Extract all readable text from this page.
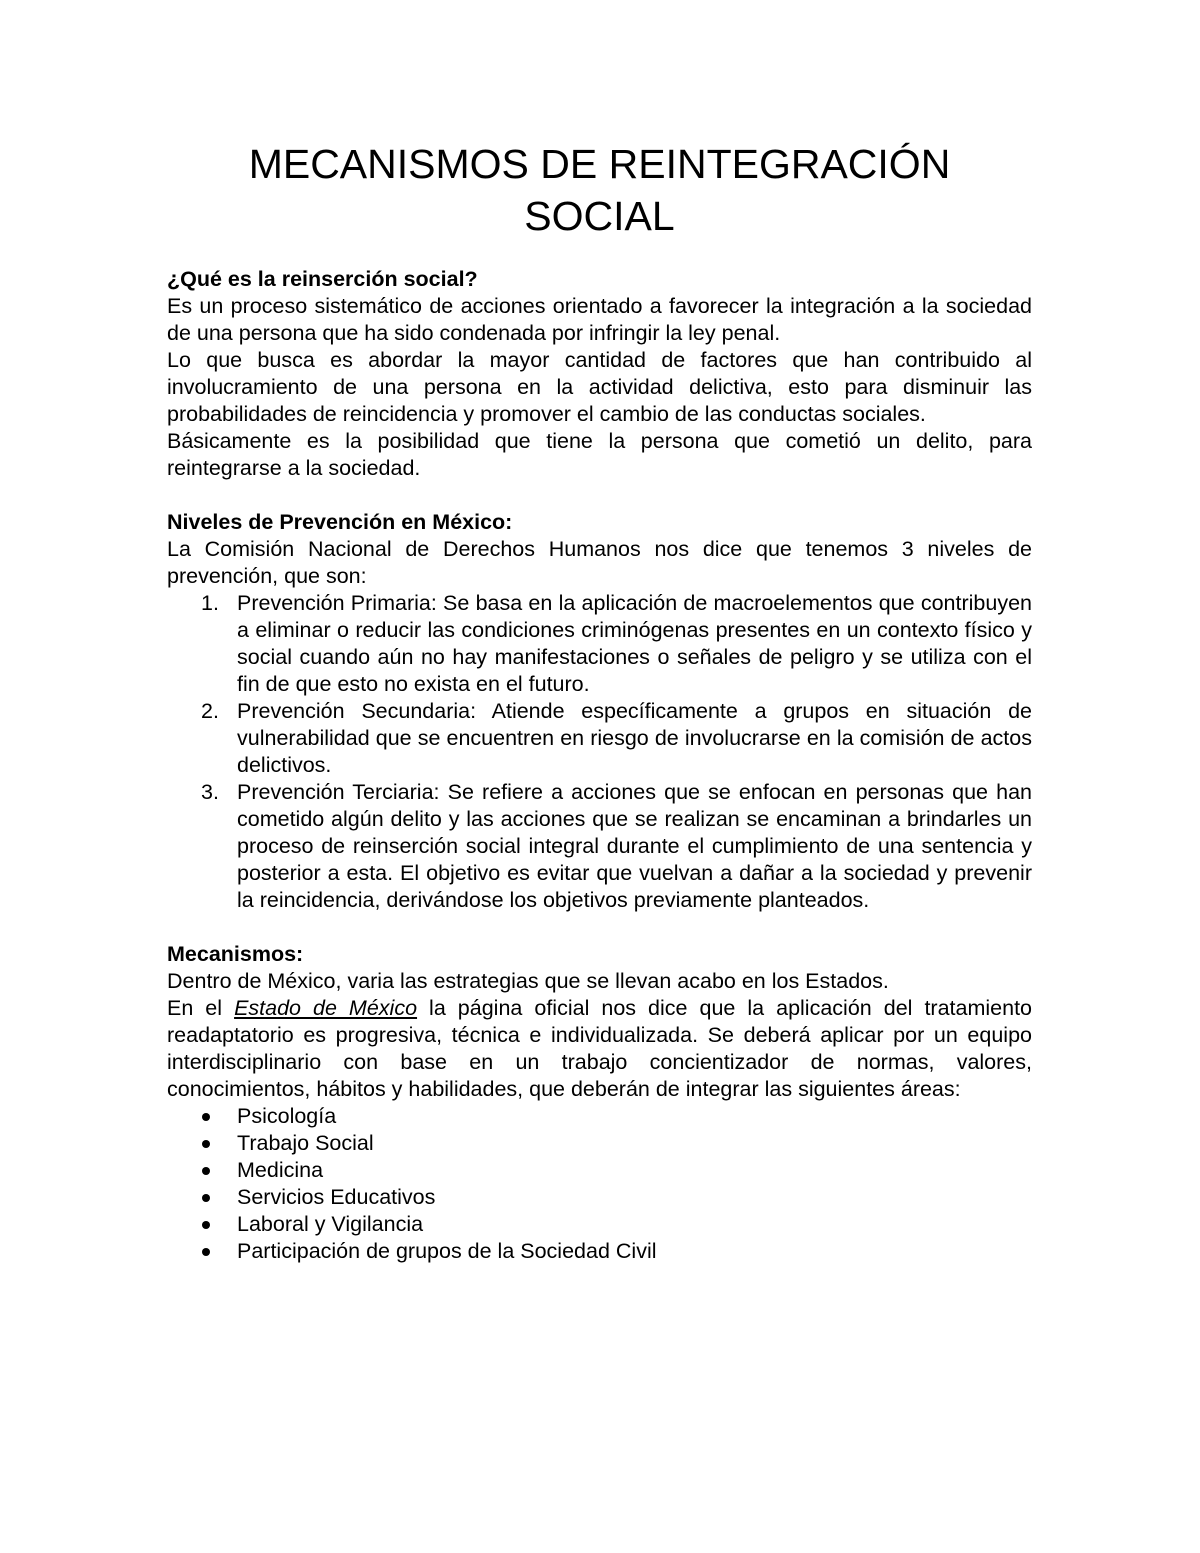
MECANISMOS DE REINTEGRACIÓN
SOCIAL

¿Qué es la reinserción social?

Es un proceso sistemático de acciones orientado a favorecer la integración a la sociedad de una persona que ha sido condenada por infringir la ley penal.

Lo que busca es abordar la mayor cantidad de factores que han contribuido al involucramiento de una persona en la actividad delictiva, esto para disminuir las probabilidades de reincidencia y promover el cambio de las conductas sociales.

Básicamente es la posibilidad que tiene la persona que cometió un delito, para reintegrarse a la sociedad.

Niveles de Prevención en México:

La Comisión Nacional de Derechos Humanos nos dice que tenemos 3 niveles de prevención, que son:

1. Prevención Primaria: Se basa en la aplicación de macroelementos que contribuyen a eliminar o reducir las condiciones criminógenas presentes en un contexto físico y social cuando aún no hay manifestaciones o señales de peligro y se utiliza con el fin de que esto no exista en el futuro.
2. Prevención Secundaria: Atiende específicamente a grupos en situación de vulnerabilidad que se encuentren en riesgo de involucrarse en la comisión de actos delictivos.
3. Prevención Terciaria: Se refiere a acciones que se enfocan en personas que han cometido algún delito y las acciones que se realizan se encaminan a brindarles un proceso de reinserción social integral durante el cumplimiento de una sentencia y posterior a esta. El objetivo es evitar que vuelvan a dañar a la sociedad y prevenir la reincidencia, derivándose los objetivos previamente planteados.

Mecanismos:

Dentro de México, varia las estrategias que se llevan acabo en los Estados.

En el Estado de México la página oficial nos dice que la aplicación del tratamiento readaptatorio es progresiva, técnica e individualizada. Se deberá aplicar por un equipo interdisciplinario con base en un trabajo concientizador de normas, valores, conocimientos, hábitos y habilidades, que deberán de integrar las siguientes áreas:

Psicología
Trabajo Social
Medicina
Servicios Educativos
Laboral y Vigilancia
Participación de grupos de la Sociedad Civil
